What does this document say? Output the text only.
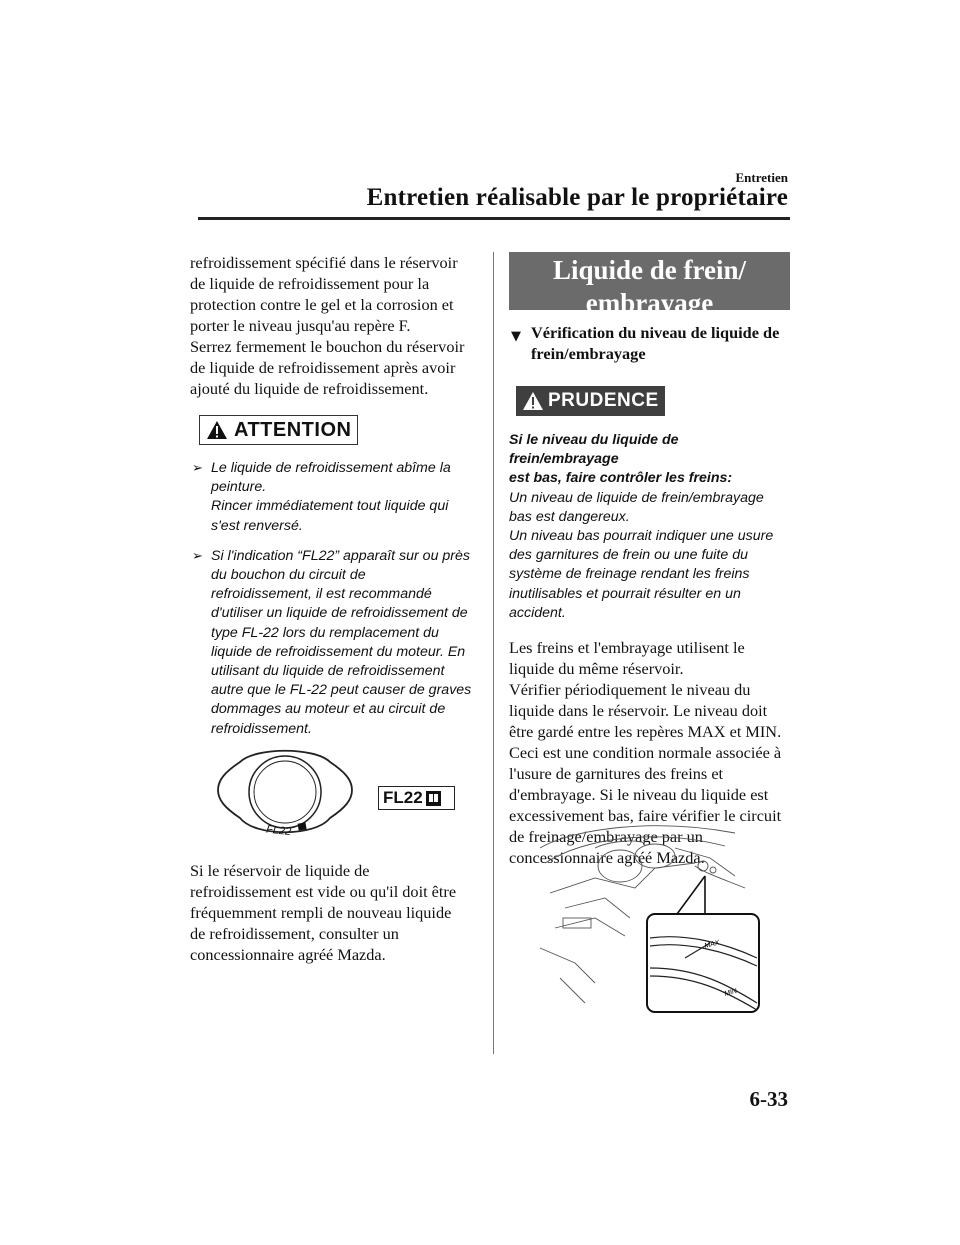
Entretien
Entretien réalisable par le propriétaire

refroidissement spécifié dans le réservoir
de liquide de refroidissement pour la
protection contre le gel et la corrosion et
porter le niveau jusqu'au repère F.
Serrez fermement le bouchon du réservoir
de liquide de refroidissement après avoir
ajouté du liquide de refroidissement.

ATTENTION
➢ Le liquide de refroidissement abîme la
peinture.
Rincer immédiatement tout liquide qui
s'est renversé.
➢ Si l'indication “FL22” apparaît sur ou près
du bouchon du circuit de
refroidissement, il est recommandé
d'utiliser un liquide de refroidissement de
type FL-22 lors du remplacement du
liquide de refroidissement du moteur. En
utilisant du liquide de refroidissement
autre que le FL-22 peut causer de graves
dommages au moteur et au circuit de
refroidissement.
FL22
FL22

Si le réservoir de liquide de
refroidissement est vide ou qu'il doit être
fréquemment rempli de nouveau liquide
de refroidissement, consulter un
concessionnaire agréé Mazda.

Liquide de frein/
embrayage
▼ Vérification du niveau de liquide de
frein/embrayage
PRUDENCE

Si le niveau du liquide de frein/embrayage
est bas, faire contrôler les freins:
Un niveau de liquide de frein/embrayage
bas est dangereux.
Un niveau bas pourrait indiquer une usure
des garnitures de frein ou une fuite du
système de freinage rendant les freins
inutilisables et pourrait résulter en un
accident.

Les freins et l'embrayage utilisent le
liquide du même réservoir.
Vérifier périodiquement le niveau du
liquide dans le réservoir. Le niveau doit
être gardé entre les repères MAX et MIN.
Ceci est une condition normale associée à
l'usure de garnitures des freins et
d'embrayage. Si le niveau du liquide est
excessivement bas, faire vérifier le circuit
de freinage/embrayage par un
concessionnaire agréé Mazda.

MAX
MIN
6-33
